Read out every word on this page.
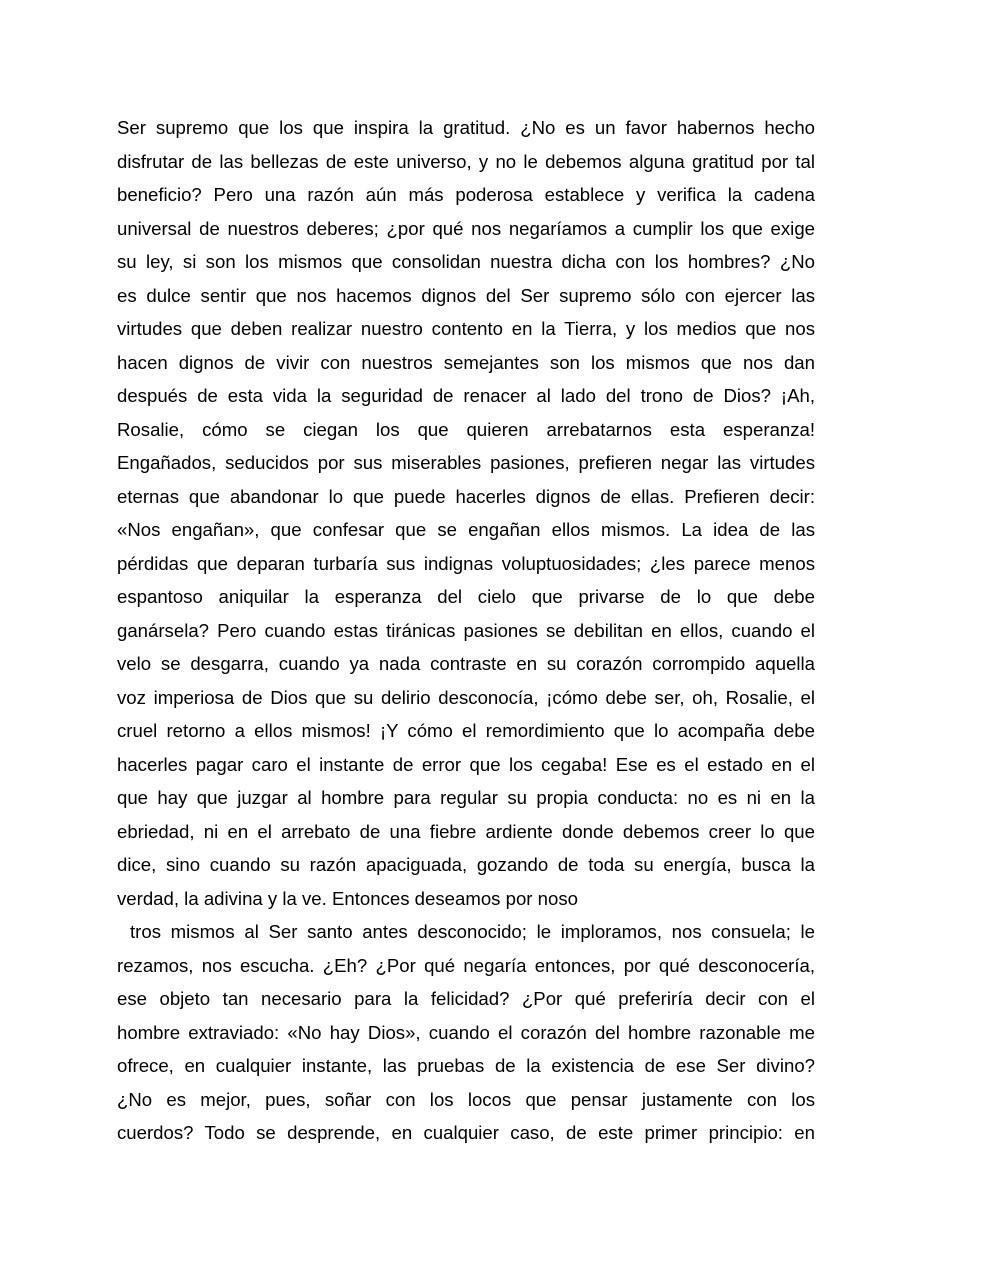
Ser supremo que los que inspira la gratitud. ¿No es un favor habernos hecho
disfrutar de las bellezas de este universo, y no le debemos alguna gratitud por tal
beneficio? Pero una razón aún más poderosa establece y verifica la cadena
universal de nuestros deberes; ¿por qué nos negaríamos a cumplir los que exige
su ley, si son los mismos que consolidan nuestra dicha con los hombres? ¿No
es dulce sentir que nos hacemos dignos del Ser supremo sólo con ejercer las
virtudes que deben realizar nuestro contento en la Tierra, y los medios que nos
hacen dignos de vivir con nuestros semejantes son los mismos que nos dan
después de esta vida la seguridad de renacer al lado del trono de Dios? ¡Ah,
Rosalie, cómo se ciegan los que quieren arrebatarnos esta esperanza!
Engañados, seducidos por sus miserables pasiones, prefieren negar las virtudes
eternas que abandonar lo que puede hacerles dignos de ellas. Prefieren decir:
«Nos engañan», que confesar que se engañan ellos mismos. La idea de las
pérdidas que deparan turbaría sus indignas voluptuosidades; ¿les parece menos
espantoso aniquilar la esperanza del cielo que privarse de lo que debe
ganársela? Pero cuando estas tiránicas pasiones se debilitan en ellos, cuando el
velo se desgarra, cuando ya nada contraste en su corazón corrompido aquella
voz imperiosa de Dios que su delirio desconocía, ¡cómo debe ser, oh, Rosalie, el
cruel retorno a ellos mismos! ¡Y cómo el remordimiento que lo acompaña debe
hacerles pagar caro el instante de error que los cegaba! Ese es el estado en el
que hay que juzgar al hombre para regular su propia conducta: no es ni en la
ebriedad, ni en el arrebato de una fiebre ardiente donde debemos creer lo que
dice, sino cuando su razón apaciguada, gozando de toda su energía, busca la
verdad, la adivina y la ve. Entonces deseamos por noso
tros mismos al Ser santo antes desconocido; le imploramos, nos consuela; le
rezamos, nos escucha. ¿Eh? ¿Por qué negaría entonces, por qué desconocería,
ese objeto tan necesario para la felicidad? ¿Por qué preferiría decir con el
hombre extraviado: «No hay Dios», cuando el corazón del hombre razonable me
ofrece, en cualquier instante, las pruebas de la existencia de ese Ser divino?
¿No es mejor, pues, soñar con los locos que pensar justamente con los
cuerdos? Todo se desprende, en cualquier caso, de este primer principio: en
